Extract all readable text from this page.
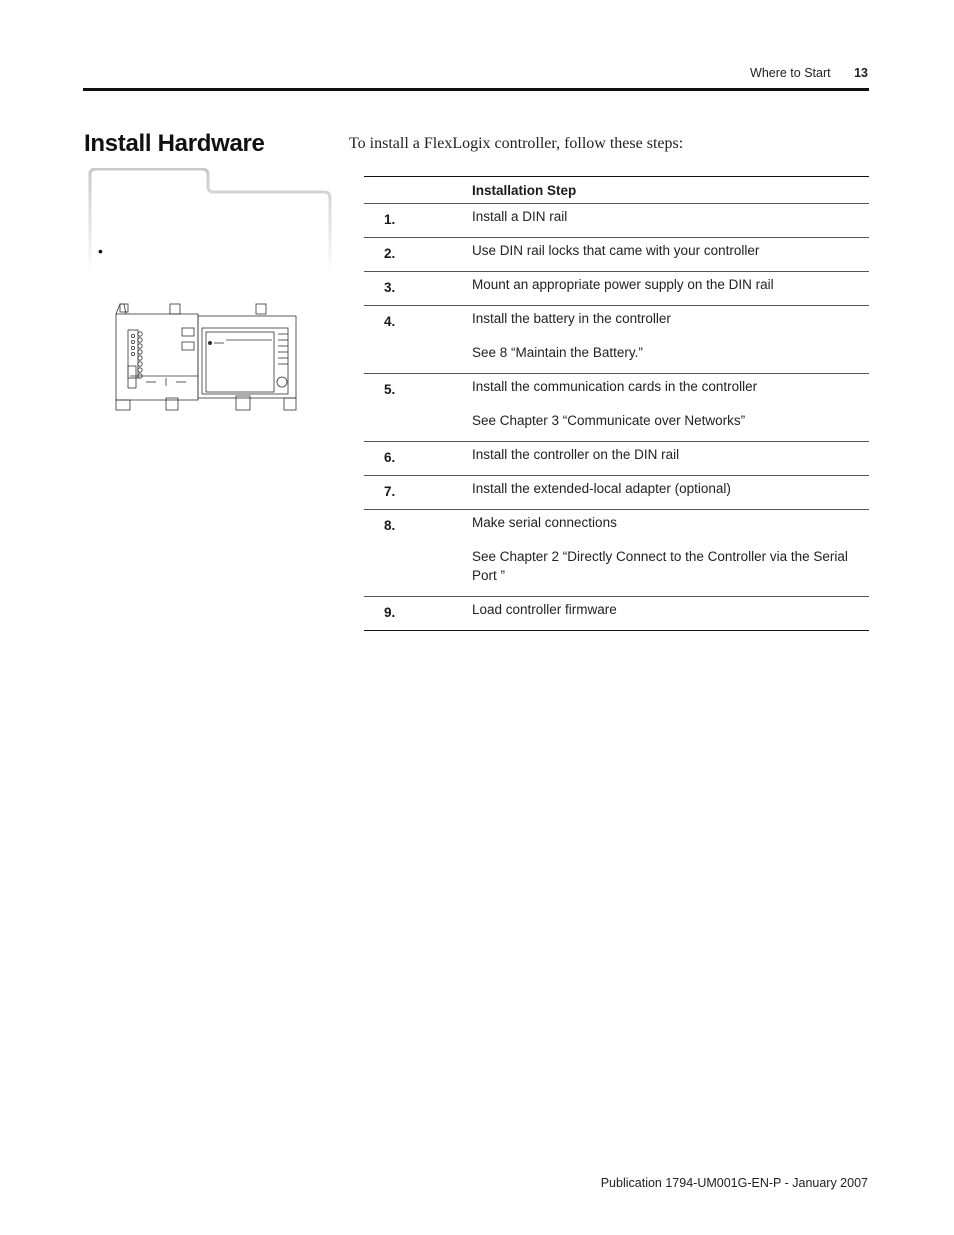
Where to Start 13
Install Hardware
•

To install a FlexLogix controller, follow these steps:

	Installation Step
1.	Install a DIN rail

2.	Use DIN rail locks that came with your controller

3.	Mount an appropriate power supply on the DIN rail

4.	Install the battery in the controller
See 8 “Maintain the Battery.”

5.	Install the communication cards in the controller
See Chapter 3 “Communicate over Networks”

6.	Install the controller on the DIN rail

7.	Install the extended-local adapter (optional)

8.	Make serial connections
See Chapter 2 “Directly Connect to the Controller via the Serial Port ”

9.	Load controller firmware
Publication 1794-UM001G-EN-P - January 2007
